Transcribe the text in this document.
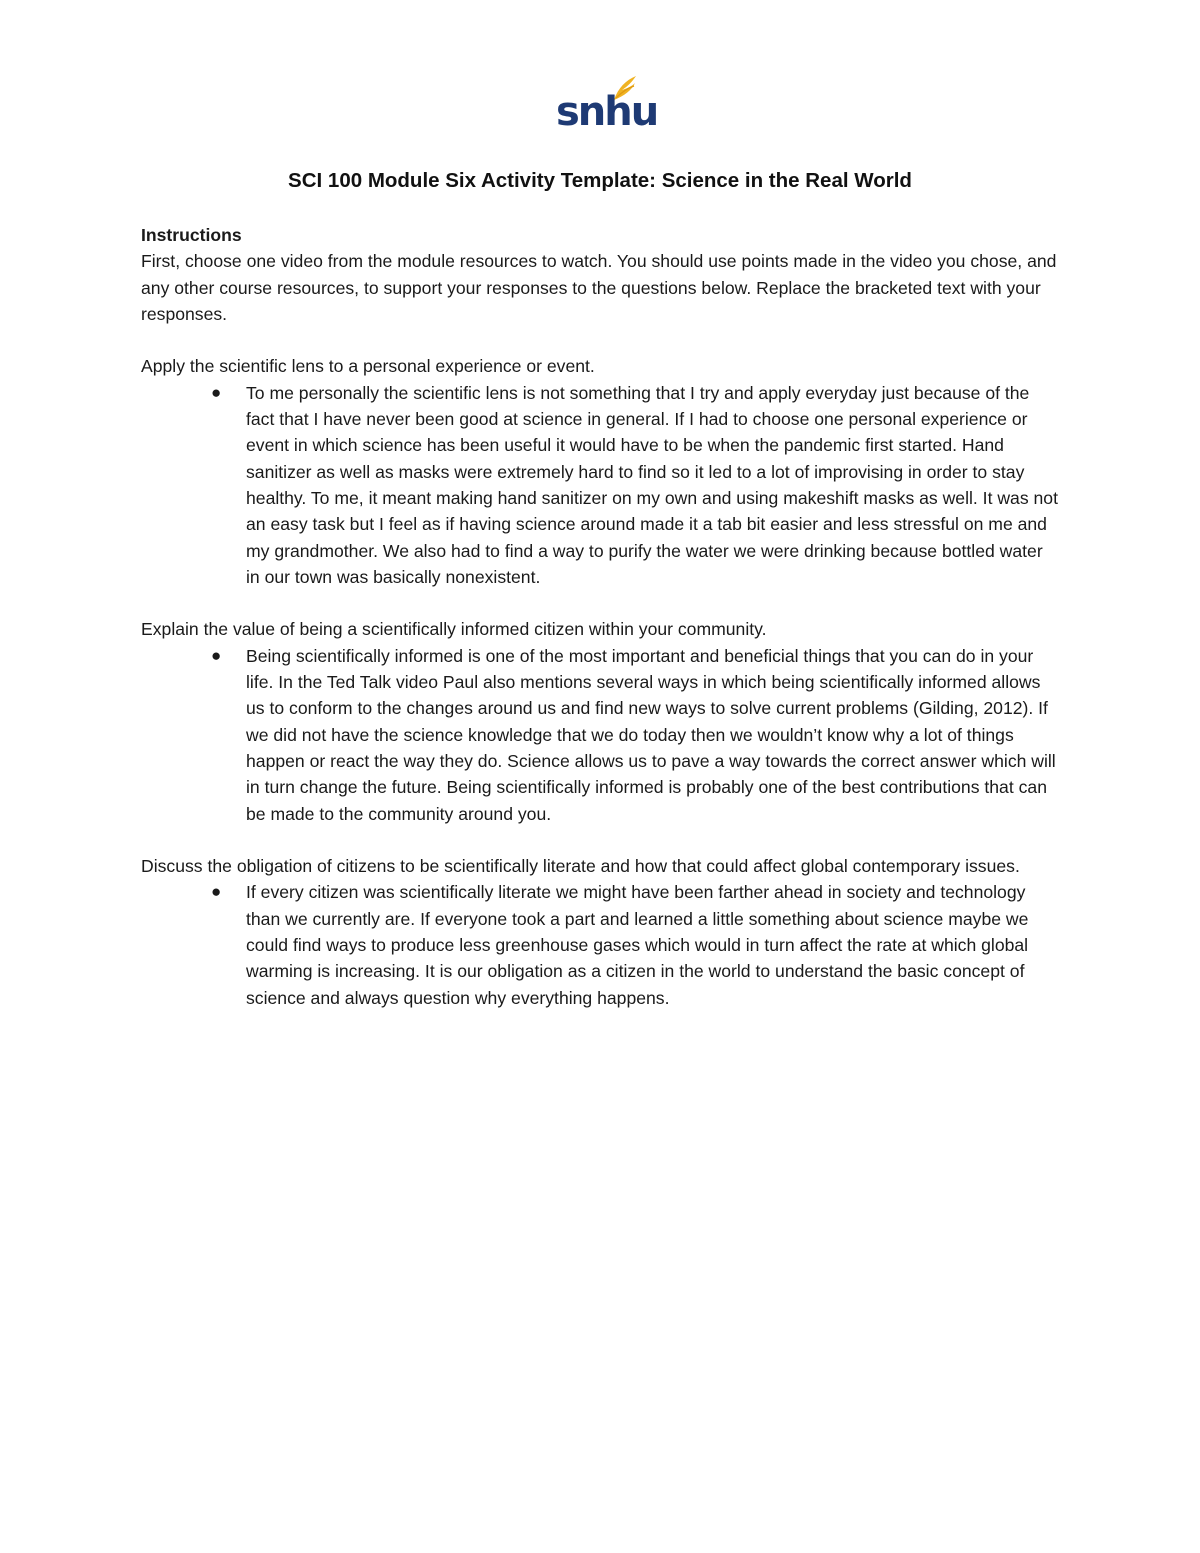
snhu
SCI 100 Module Six Activity Template: Science in the Real World

Instructions

First, choose one video from the module resources to watch. You should use points made in the video you chose, and any other course resources, to support your responses to the questions below. Replace the bracketed text with your responses.

Apply the scientific lens to a personal experience or event.

● To me personally the scientific lens is not something that I try and apply everyday just because of the fact that I have never been good at science in general. If I had to choose one personal experience or event in which science has been useful it would have to be when the pandemic first started. Hand sanitizer as well as masks were extremely hard to find so it led to a lot of improvising in order to stay healthy. To me, it meant making hand sanitizer on my own and using makeshift masks as well. It was not an easy task but I feel as if having science around made it a tab bit easier and less stressful on me and my grandmother. We also had to find a way to purify the water we were drinking because bottled water in our town was basically nonexistent.

Explain the value of being a scientifically informed citizen within your community.

● Being scientifically informed is one of the most important and beneficial things that you can do in your life. In the Ted Talk video Paul also mentions several ways in which being scientifically informed allows us to conform to the changes around us and find new ways to solve current problems (Gilding, 2012). If we did not have the science knowledge that we do today then we wouldn’t know why a lot of things happen or react the way they do. Science allows us to pave a way towards the correct answer which will in turn change the future. Being scientifically informed is probably one of the best contributions that can be made to the community around you.

Discuss the obligation of citizens to be scientifically literate and how that could affect global contemporary issues.

● If every citizen was scientifically literate we might have been farther ahead in society and technology than we currently are. If everyone took a part and learned a little something about science maybe we could find ways to produce less greenhouse gases which would in turn affect the rate at which global warming is increasing. It is our obligation as a citizen in the world to understand the basic concept of science and always question why everything happens.
